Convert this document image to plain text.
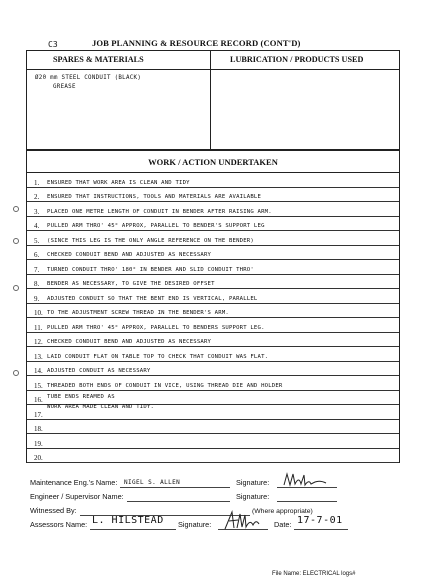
C3	JOB PLANNING & RESOURCE RECORD (CONT'D)
SPARES & MATERIALS	LUBRICATION / PRODUCTS USED
Ø20 mm STEEL CONDUIT (BLACK)
GREASE
WORK / ACTION UNDERTAKEN
1. ENSURED THAT WORK AREA IS CLEAN AND TIDY
2. ENSURED THAT INSTRUCTIONS, TOOLS AND MATERIALS ARE AVAILABLE
3. PLACED ONE METRE LENGTH OF CONDUIT IN BENDER AFTER RAISING ARM.
4. PULLED ARM THRO' 45° APPROX, PARALLEL TO BENDER'S SUPPORT LEG
5. (SINCE THIS LEG IS THE ONLY ANGLE REFERENCE ON THE BENDER)
6. CHECKED CONDUIT BEND AND ADJUSTED AS NECESSARY
7. TURNED CONDUIT THRO' 180° IN BENDER AND SLID CONDUIT THRO'
8. BENDER AS NECESSARY, TO GIVE THE DESIRED OFFSET
9. ADJUSTED CONDUIT SO THAT THE BENT END IS VERTICAL, PARALLEL
10. TO THE ADJUSTMENT SCREW THREAD IN THE BENDER'S ARM.
11. PULLED ARM THRO' 45° APPROX, PARALLEL TO BENDERS SUPPORT LEG.
12. CHECKED CONDUIT BEND AND ADJUSTED AS NECESSARY
13. LAID CONDUIT FLAT ON TABLE TOP TO CHECK THAT CONDUIT WAS FLAT.
14. ADJUSTED CONDUIT AS NECESSARY
15. THREADED BOTH ENDS OF CONDUIT IN VICE, USING THREAD DIE AND HOLDER
16. TUBE ENDS REAMED AS
WORK AREA MADE CLEAN AND TIDY.
17.
18.
19.
20.
Maintenance Eng.'s Name: NIGEL S. ALLEN	Signature:
Engineer / Supervisor Name:	Signature:
Witnessed By:	(Where appropriate)
Assessors Name: L. HILSTEAD Signature:	Date: 17-7-01
File Name: ELECTRICAL logs#
